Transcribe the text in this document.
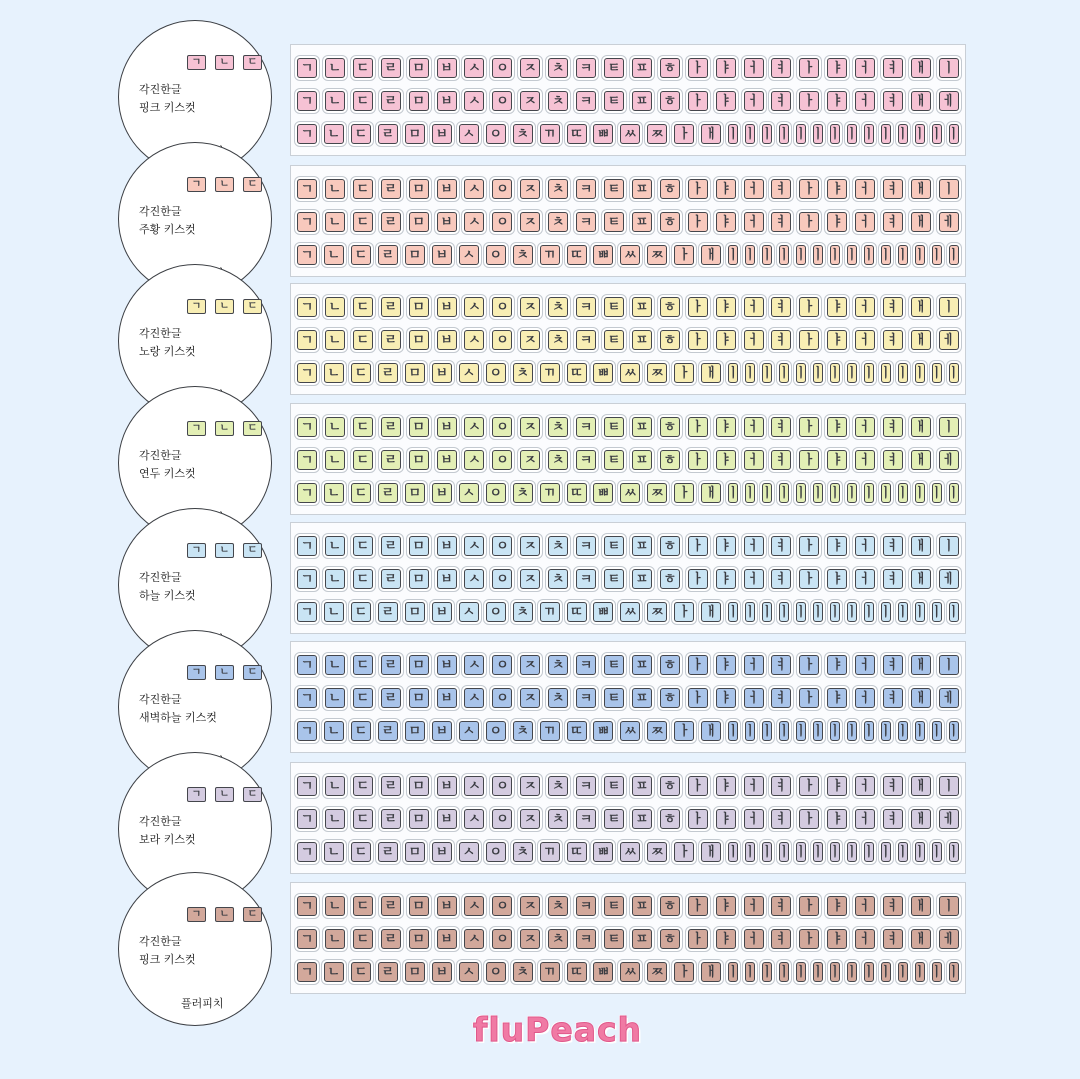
ㄱ ㄴ ㄷ ㄹ ㅁ ㅂ ㅅ ㅇ ㅈ ㅊ ㅋ ㅌ ㅍ ㅎ ㅏ ㅑ ㅓ ㅕ ㅏ ㅑ ㅓ ㅕ ㅐ ㅣ
ㄱ ㄴ ㄷ ㄹ ㅁ ㅂ ㅅ ㅇ ㅈ ㅊ ㅋ ㅌ ㅍ ㅎ ㅏ ㅑ ㅓ ㅕ ㅏ ㅑ ㅓ ㅕ ㅐ ㅔ
ㄱ ㄴ ㄷ ㄹ ㅁ ㅂ ㅅ ㅇ ㅊ ㄲ ㄸ ㅃ ㅆ ㅉ ㅏ ㅐ ㅣ ㅣ ㅣ ㅣ ㅣ ㅣ ㅣ ㅣ ㅣ ㅣ ㅣ ㅣ ㅣ ㅣ
ㄱ ㄴ ㄷ ㄹ ㅁ ㅂ ㅅ ㅇ ㅈ ㅊ ㅋ ㅌ ㅍ ㅎ ㅏ ㅑ ㅓ ㅕ ㅏ ㅑ ㅓ ㅕ ㅐ ㅣ
ㄱ ㄴ ㄷ ㄹ ㅁ ㅂ ㅅ ㅇ ㅈ ㅊ ㅋ ㅌ ㅍ ㅎ ㅏ ㅑ ㅓ ㅕ ㅏ ㅑ ㅓ ㅕ ㅐ ㅔ
ㄱ ㄴ ㄷ ㄹ ㅁ ㅂ ㅅ ㅇ ㅊ ㄲ ㄸ ㅃ ㅆ ㅉ ㅏ ㅐ ㅣ ㅣ ㅣ ㅣ ㅣ ㅣ ㅣ ㅣ ㅣ ㅣ ㅣ ㅣ ㅣ ㅣ
ㄱ ㄴ ㄷ ㄹ ㅁ ㅂ ㅅ ㅇ ㅈ ㅊ ㅋ ㅌ ㅍ ㅎ ㅏ ㅑ ㅓ ㅕ ㅏ ㅑ ㅓ ㅕ ㅐ ㅣ
ㄱ ㄴ ㄷ ㄹ ㅁ ㅂ ㅅ ㅇ ㅈ ㅊ ㅋ ㅌ ㅍ ㅎ ㅏ ㅑ ㅓ ㅕ ㅏ ㅑ ㅓ ㅕ ㅐ ㅔ
ㄱ ㄴ ㄷ ㄹ ㅁ ㅂ ㅅ ㅇ ㅊ ㄲ ㄸ ㅃ ㅆ ㅉ ㅏ ㅐ ㅣ ㅣ ㅣ ㅣ ㅣ ㅣ ㅣ ㅣ ㅣ ㅣ ㅣ ㅣ ㅣ ㅣ
ㄱ ㄴ ㄷ ㄹ ㅁ ㅂ ㅅ ㅇ ㅈ ㅊ ㅋ ㅌ ㅍ ㅎ ㅏ ㅑ ㅓ ㅕ ㅏ ㅑ ㅓ ㅕ ㅐ ㅣ
ㄱ ㄴ ㄷ ㄹ ㅁ ㅂ ㅅ ㅇ ㅈ ㅊ ㅋ ㅌ ㅍ ㅎ ㅏ ㅑ ㅓ ㅕ ㅏ ㅑ ㅓ ㅕ ㅐ ㅔ
ㄱ ㄴ ㄷ ㄹ ㅁ ㅂ ㅅ ㅇ ㅊ ㄲ ㄸ ㅃ ㅆ ㅉ ㅏ ㅐ ㅣ ㅣ ㅣ ㅣ ㅣ ㅣ ㅣ ㅣ ㅣ ㅣ ㅣ ㅣ ㅣ ㅣ
ㄱ ㄴ ㄷ ㄹ ㅁ ㅂ ㅅ ㅇ ㅈ ㅊ ㅋ ㅌ ㅍ ㅎ ㅏ ㅑ ㅓ ㅕ ㅏ ㅑ ㅓ ㅕ ㅐ ㅣ
ㄱ ㄴ ㄷ ㄹ ㅁ ㅂ ㅅ ㅇ ㅈ ㅊ ㅋ ㅌ ㅍ ㅎ ㅏ ㅑ ㅓ ㅕ ㅏ ㅑ ㅓ ㅕ ㅐ ㅔ
ㄱ ㄴ ㄷ ㄹ ㅁ ㅂ ㅅ ㅇ ㅊ ㄲ ㄸ ㅃ ㅆ ㅉ ㅏ ㅐ ㅣ ㅣ ㅣ ㅣ ㅣ ㅣ ㅣ ㅣ ㅣ ㅣ ㅣ ㅣ ㅣ ㅣ
ㄱ ㄴ ㄷ ㄹ ㅁ ㅂ ㅅ ㅇ ㅈ ㅊ ㅋ ㅌ ㅍ ㅎ ㅏ ㅑ ㅓ ㅕ ㅏ ㅑ ㅓ ㅕ ㅐ ㅣ
ㄱ ㄴ ㄷ ㄹ ㅁ ㅂ ㅅ ㅇ ㅈ ㅊ ㅋ ㅌ ㅍ ㅎ ㅏ ㅑ ㅓ ㅕ ㅏ ㅑ ㅓ ㅕ ㅐ ㅔ
ㄱ ㄴ ㄷ ㄹ ㅁ ㅂ ㅅ ㅇ ㅊ ㄲ ㄸ ㅃ ㅆ ㅉ ㅏ ㅐ ㅣ ㅣ ㅣ ㅣ ㅣ ㅣ ㅣ ㅣ ㅣ ㅣ ㅣ ㅣ ㅣ ㅣ
ㄱ ㄴ ㄷ ㄹ ㅁ ㅂ ㅅ ㅇ ㅈ ㅊ ㅋ ㅌ ㅍ ㅎ ㅏ ㅑ ㅓ ㅕ ㅏ ㅑ ㅓ ㅕ ㅐ ㅣ
ㄱ ㄴ ㄷ ㄹ ㅁ ㅂ ㅅ ㅇ ㅈ ㅊ ㅋ ㅌ ㅍ ㅎ ㅏ ㅑ ㅓ ㅕ ㅏ ㅑ ㅓ ㅕ ㅐ ㅔ
ㄱ ㄴ ㄷ ㄹ ㅁ ㅂ ㅅ ㅇ ㅊ ㄲ ㄸ ㅃ ㅆ ㅉ ㅏ ㅐ ㅣ ㅣ ㅣ ㅣ ㅣ ㅣ ㅣ ㅣ ㅣ ㅣ ㅣ ㅣ ㅣ ㅣ
ㄱ ㄴ ㄷ ㄹ ㅁ ㅂ ㅅ ㅇ ㅈ ㅊ ㅋ ㅌ ㅍ ㅎ ㅏ ㅑ ㅓ ㅕ ㅏ ㅑ ㅓ ㅕ ㅐ ㅣ
ㄱ ㄴ ㄷ ㄹ ㅁ ㅂ ㅅ ㅇ ㅈ ㅊ ㅋ ㅌ ㅍ ㅎ ㅏ ㅑ ㅓ ㅕ ㅏ ㅑ ㅓ ㅕ ㅐ ㅔ
ㄱ ㄴ ㄷ ㄹ ㅁ ㅂ ㅅ ㅇ ㅊ ㄲ ㄸ ㅃ ㅆ ㅉ ㅏ ㅐ ㅣ ㅣ ㅣ ㅣ ㅣ ㅣ ㅣ ㅣ ㅣ ㅣ ㅣ ㅣ ㅣ ㅣ
ㄱ	ㄴ	ㄷ
각진한글
핑크 키스컷
ㄱ	ㄴ	ㄷ
각진한글
주황 키스컷
ㄱ	ㄴ	ㄷ
각진한글
노랑 키스컷
ㄱ	ㄴ	ㄷ
각진한글
연두 키스컷
ㄱ	ㄴ	ㄷ
각진한글
하늘 키스컷
ㄱ	ㄴ	ㄷ
각진한글
새벽하늘 키스컷
ㄱ	ㄴ	ㄷ
각진한글
보라 키스컷
ㄱ	ㄴ	ㄷ
각진한글
핑크 키스컷
플러피치
fluPeach
